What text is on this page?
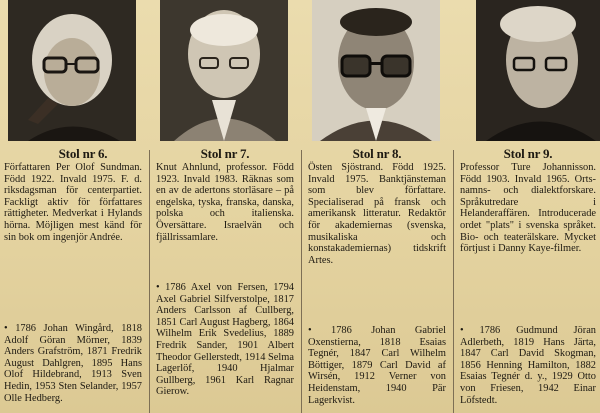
Stol nr 6.
Författaren Per Olof Sundman. Född 1922. Invald 1975. F. d. riksdagsman för centerpartiet. Fackligt aktiv för författares rättigheter. Medverkat i Hylands hörna. Möjligen mest känd för sin bok om ingenjör Andrée.
• 1786 Johan Wingård, 1818 Adolf Göran Mörner, 1839 Anders Grafström, 1871 Fredrik August Dahlgren, 1895 Hans Olof Hildebrand, 1913 Sven Hedin, 1953 Sten Selander, 1957 Olle Hedberg.
Stol nr 7.
Knut Ahnlund, professor. Född 1923. Invald 1983. Räknas som en av de adertons storläsare – på engelska, tyska, franska, danska, polska och italienska. Översättare. Israelvän och fjällrissamlare.
• 1786 Axel von Fersen, 1794 Axel Gabriel Silfverstolpe, 1817 Anders Carlsson af Cullberg, 1851 Carl August Hagberg, 1864 Wilhelm Erik Svedelius, 1889 Fredrik Sander, 1901 Albert Theodor Gellerstedt, 1914 Selma Lagerlöf, 1940 Hjalmar Gullberg, 1961 Karl Ragnar Gierow.
Stol nr 8.
Östen Sjöstrand. Född 1925. Invald 1975. Banktjänsteman som blev författare. Specialiserad på fransk och amerikansk litteratur. Redaktör för akademiernas (svenska, musikaliska och konstakademiernas) tidskrift Artes.
• 1786 Johan Gabriel Oxenstierna, 1818 Esaias Tegnér, 1847 Carl Wilhelm Böttiger, 1879 Carl David af Wirsén, 1912 Verner von Heidenstam, 1940 Pär Lagerkvist.
Stol nr 9.
Professor Ture Johannisson. Född 1903. Invald 1965. Orts- namns- och dialektforskare. Språkutredare i Helanderaffären. Introducerade ordet "plats" i svenska språket. Bio- och teaterälskare. Mycket förtjust i Danny Kaye-filmer.
• 1786 Gudmund Jöran Adlerbeth, 1819 Hans Järta, 1847 Carl David Skogman, 1856 Henning Hamilton, 1882 Esaias Tegnér d. y., 1929 Otto von Friesen, 1942 Einar Löfstedt.
